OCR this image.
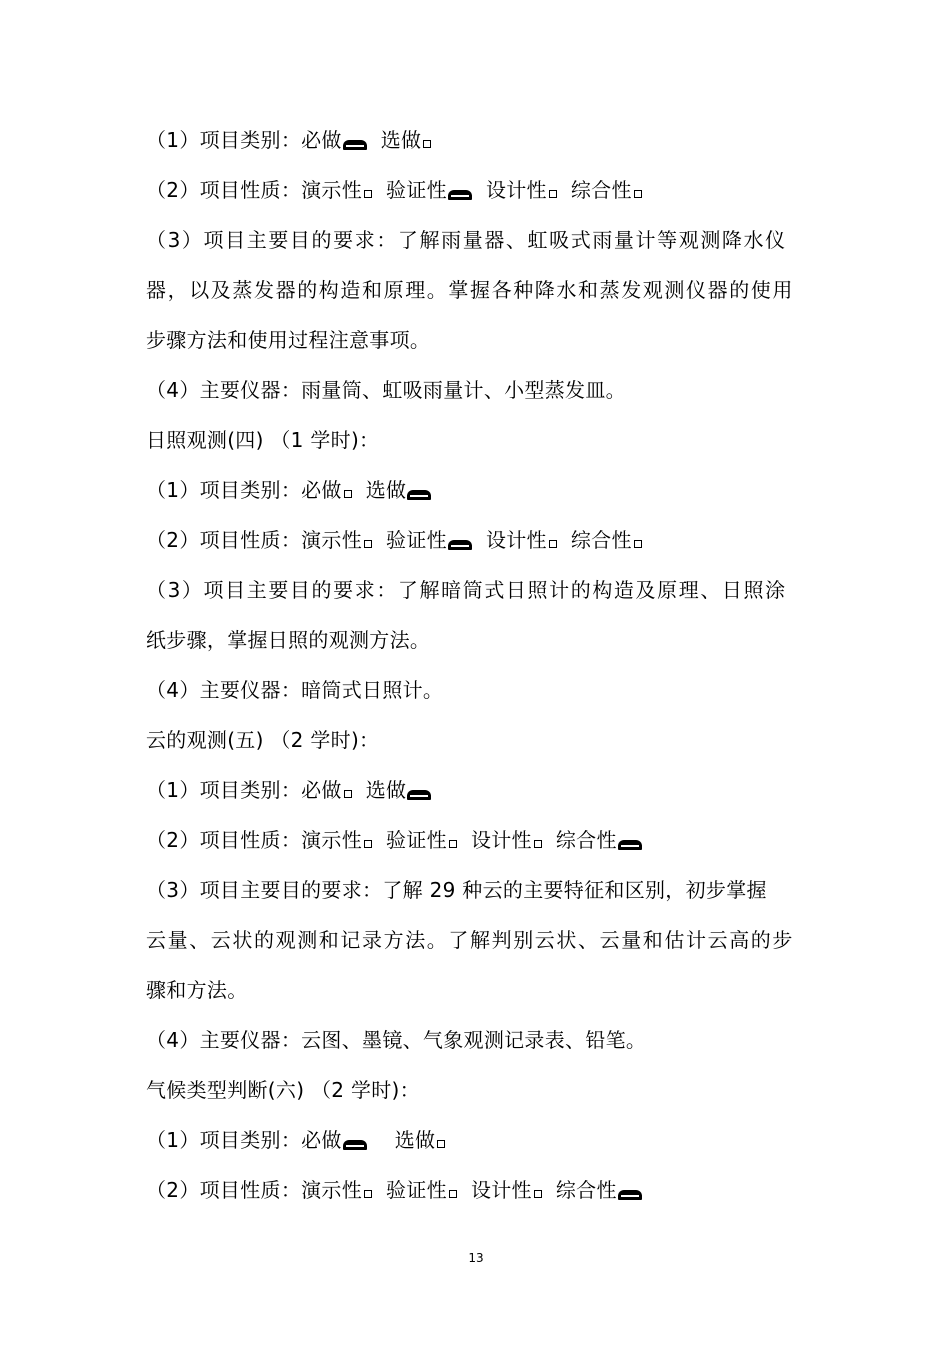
（1）项目类别：必做 选做
（2）项目性质：演示性 验证性 设计性 综合性
（3）项目主要目的要求：了解雨量器、虹吸式雨量计等观测降水仪
器，以及蒸发器的构造和原理。掌握各种降水和蒸发观测仪器的使用
步骤方法和使用过程注意事项。
（4）主要仪器：雨量筒、虹吸雨量计、小型蒸发皿。
日照观测(四) （1 学时)：
（1）项目类别：必做 选做
（2）项目性质：演示性 验证性 设计性 综合性
（3）项目主要目的要求：了解暗筒式日照计的构造及原理、日照涂
纸步骤，掌握日照的观测方法。
（4）主要仪器：暗筒式日照计。
云的观测(五) （2 学时)：
（1）项目类别：必做 选做
（2）项目性质：演示性 验证性 设计性 综合性
（3）项目主要目的要求：了解 29 种云的主要特征和区别，初步掌握
云量、云状的观测和记录方法。了解判别云状、云量和估计云高的步
骤和方法。
（4）主要仪器：云图、墨镜、气象观测记录表、铅笔。
气候类型判断(六) （2 学时)：
（1）项目类别：必做	选做
（2）项目性质：演示性 验证性 设计性 综合性
13
